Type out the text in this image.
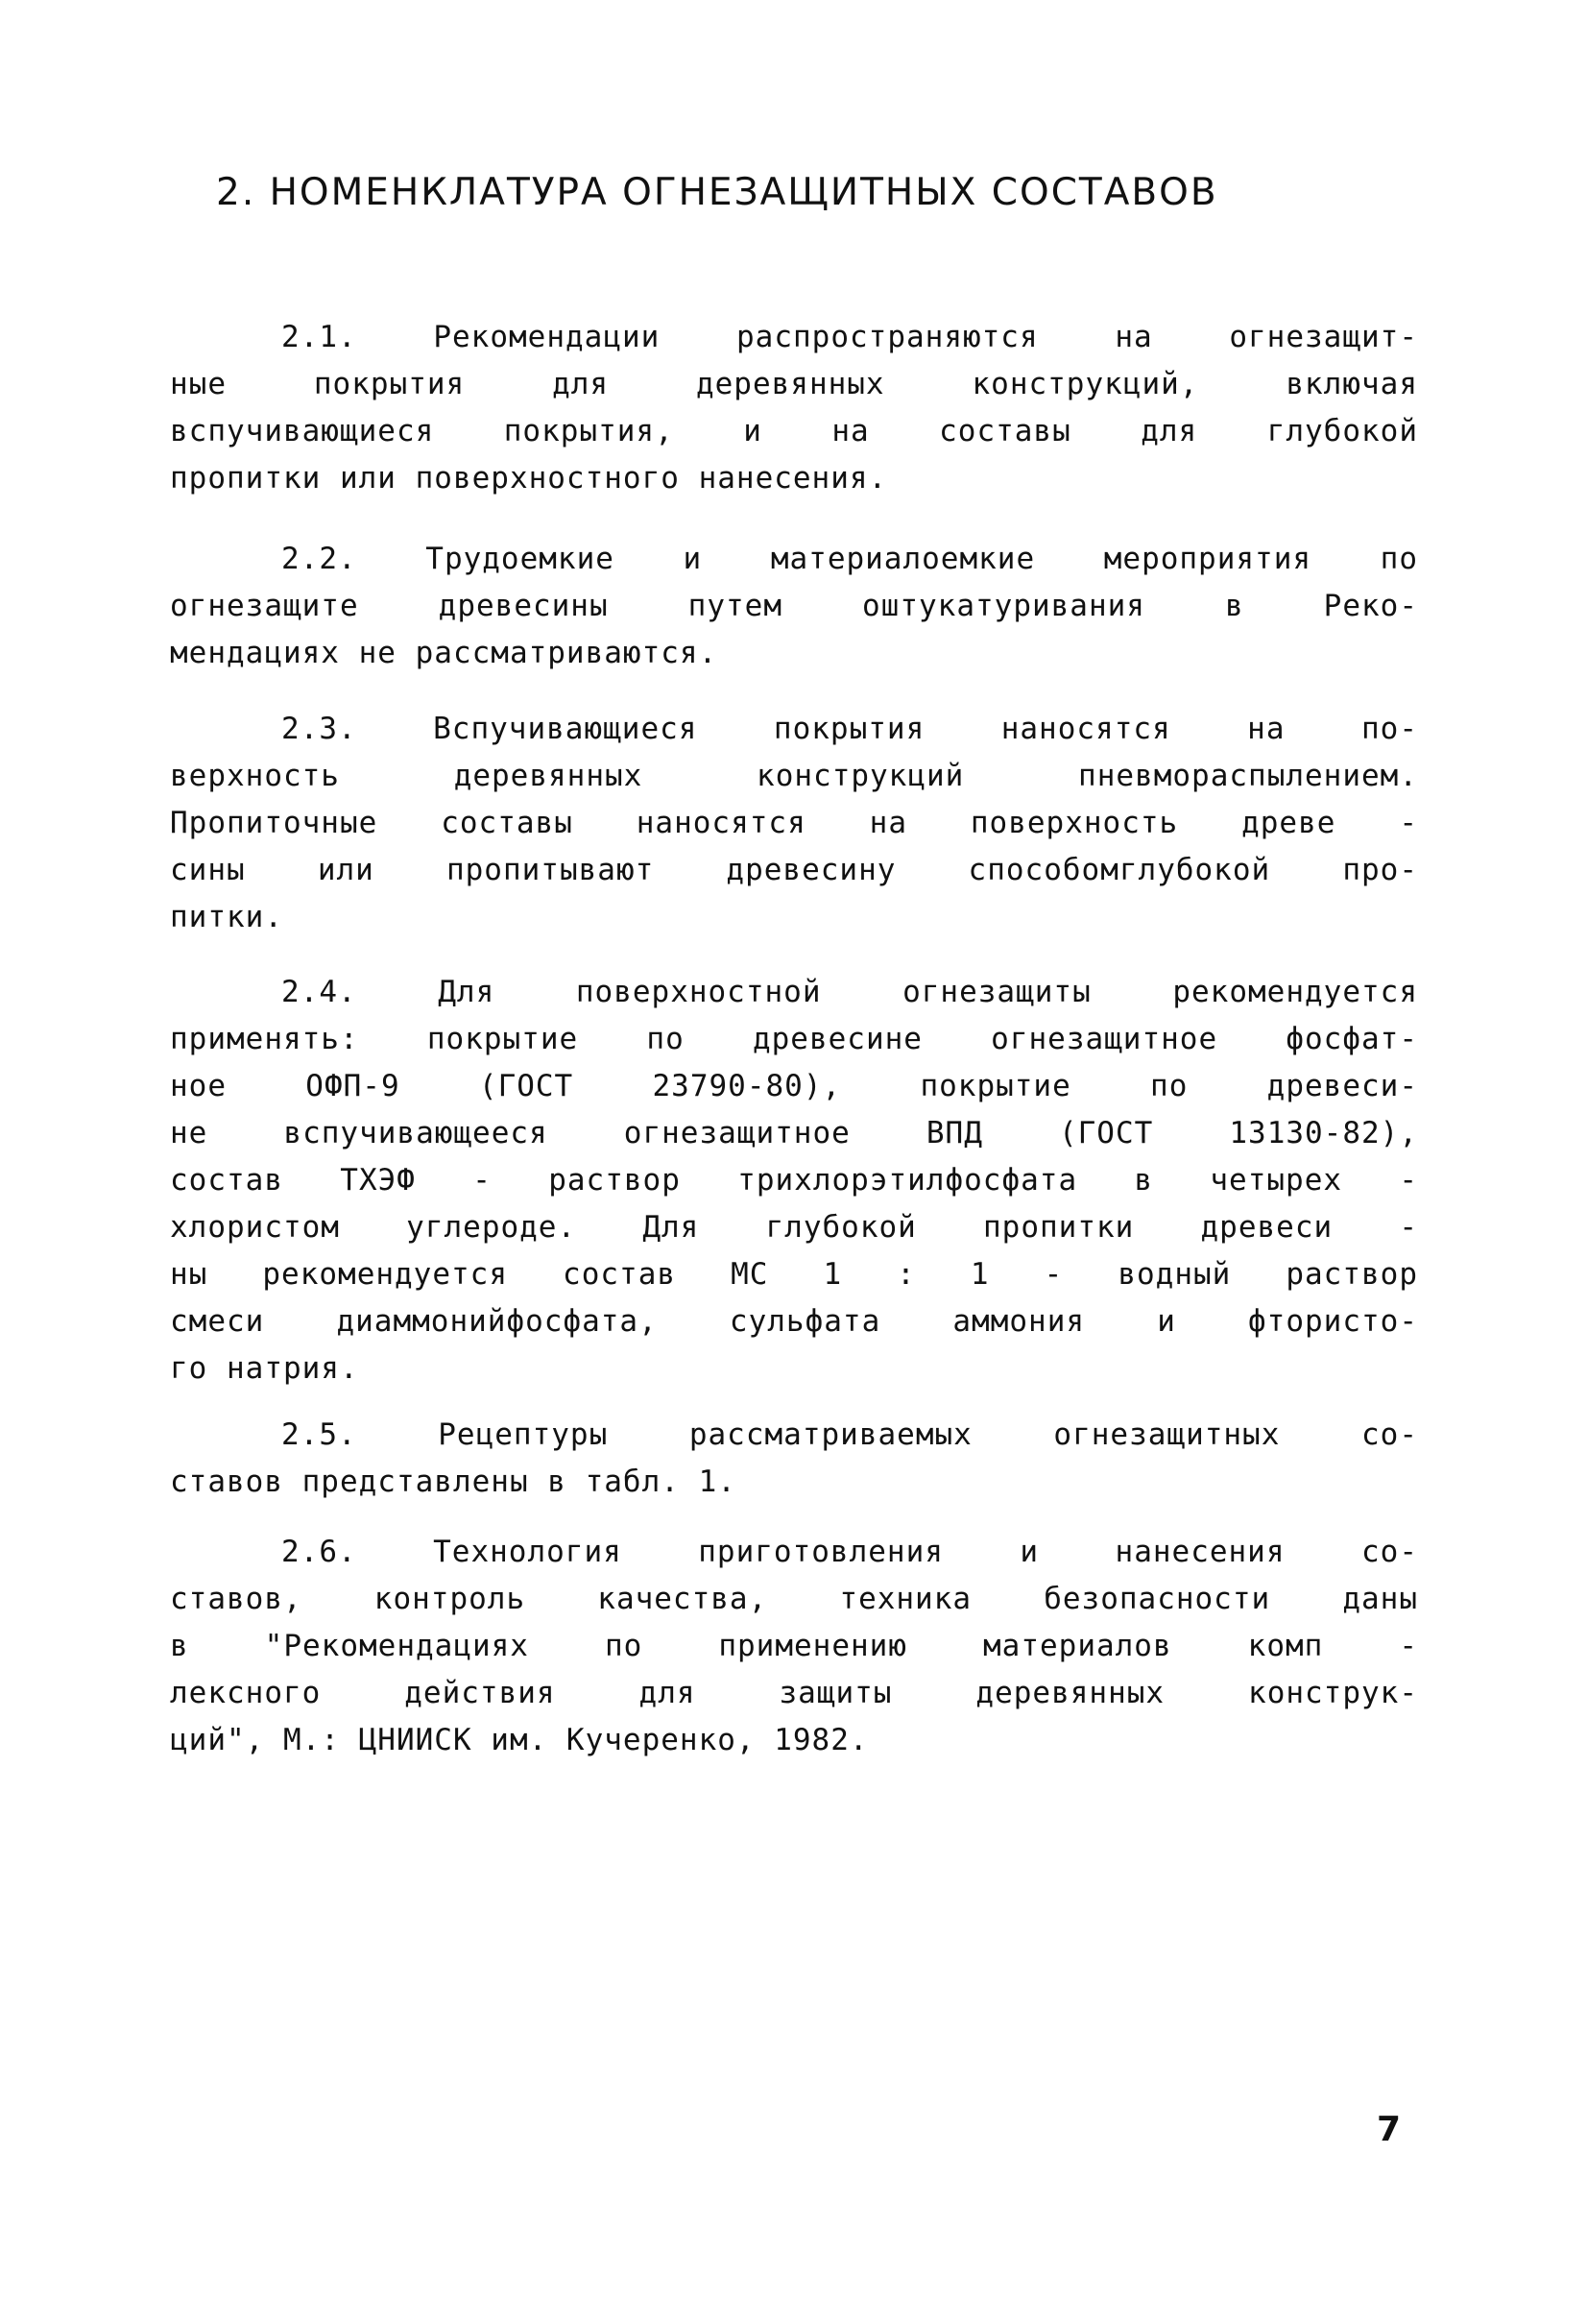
2. НОМЕНКЛАТУРА ОГНЕЗАЩИТНЫХ СОСТАВОВ
2.1. Рекомендации распространяются на огнезащит-
ные покрытия для деревянных конструкций, включая
вспучивающиеся покрытия, и на составы для глубокой
пропитки или поверхностного нанесения.
2.2. Трудоемкие и материалоемкие мероприятия по
огнезащите древесины путем оштукатуривания в Реко-
мендациях не рассматриваются.
2.3. Вспучивающиеся покрытия наносятся на по-
верхность деревянных конструкций пневмораспылением.
Пропиточные составы наносятся на поверхность древе -
сины или пропитывают древесину способомглубокой про-
питки.
2.4. Для поверхностной огнезащиты рекомендуется
применять: покрытие по древесине огнезащитное фосфат-
ное ОФП-9 (ГОСТ 23790-80), покрытие по древеси-
не вспучивающееся огнезащитное ВПД (ГОСТ 13130-82),
состав ТХЭФ - раствор трихлорэтилфосфата в четырех -
хлористом углероде. Для глубокой пропитки древеси -
ны рекомендуется состав МС 1 : 1 - водный раствор
смеси диаммонийфосфата, сульфата аммония и фтористо-
го натрия.
2.5. Рецептуры рассматриваемых огнезащитных со-
ставов представлены в табл. 1.
2.6. Технология приготовления и нанесения со-
ставов, контроль качества, техника безопасности даны
в "Рекомендациях по применению материалов комп -
лексного действия для защиты деревянных конструк-
ций", М.: ЦНИИСК им. Кучеренко, 1982.
7
